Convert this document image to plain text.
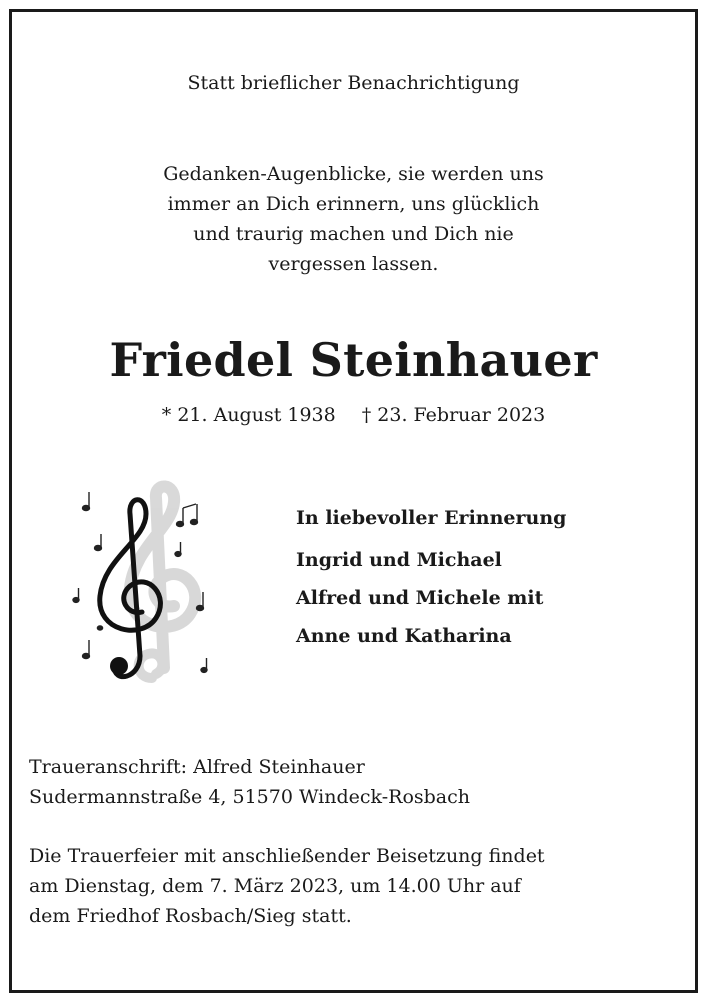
Statt brieflicher Benachrichtigung
Gedanken-Augenblicke, sie werden uns
immer an Dich erinnern, uns glücklich
und traurig machen und Dich nie
vergessen lassen.
Friedel Steinhauer
* 21. August 1938 † 23. Februar 2023
In liebevoller Erinnerung
Ingrid und Michael
Alfred und Michele mit
Anne und Katharina
Traueranschrift: Alfred Steinhauer
Sudermannstraße 4, 51570 Windeck-Rosbach
Die Trauerfeier mit anschließender Beisetzung findet
am Dienstag, dem 7. März 2023, um 14.00 Uhr auf
dem Friedhof Rosbach/Sieg statt.
